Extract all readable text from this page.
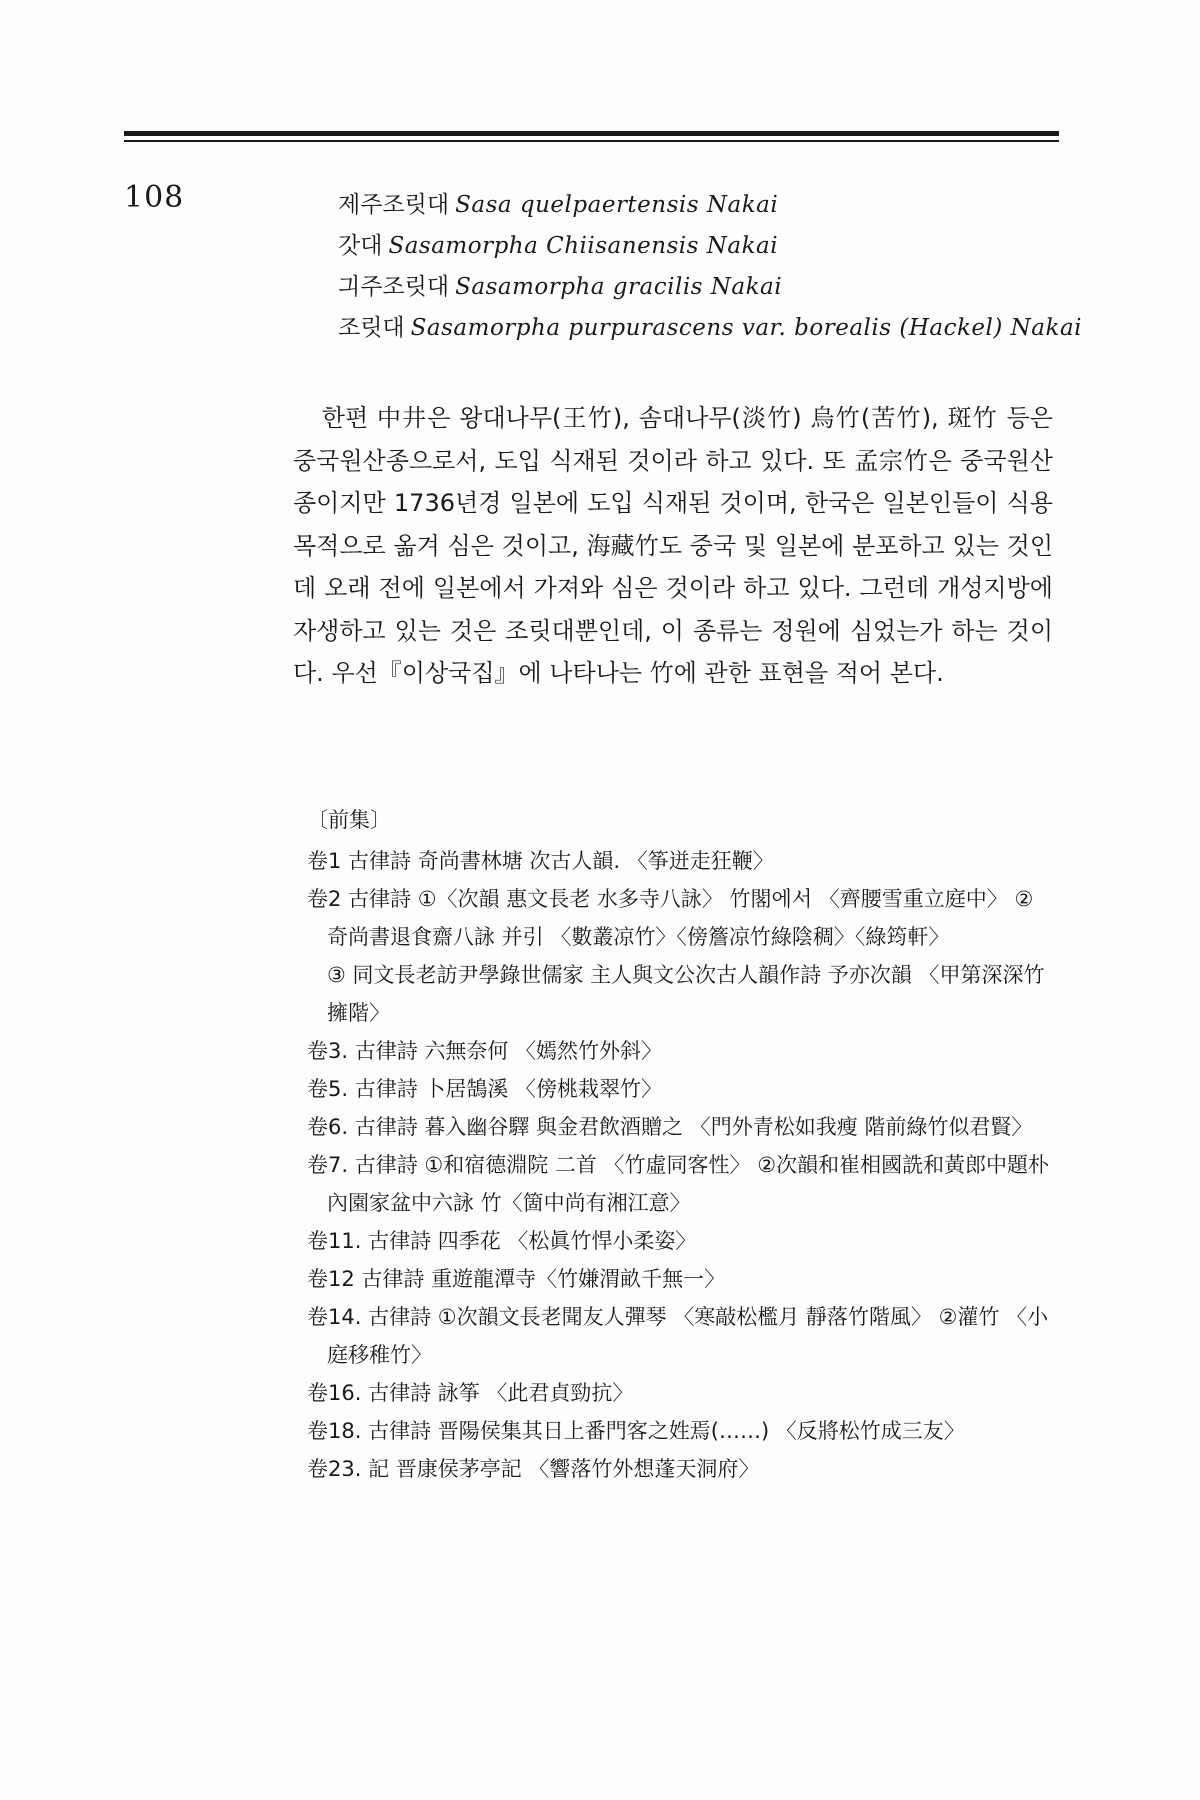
108	제주조릿대 Sasa quelpaertensis Nakai
갓대 Sasamorpha Chiisanensis Nakai
긔주조릿대 Sasamorpha gracilis Nakai
조릿대 Sasamorpha purpurascens var. borealis (Hackel) Nakai

한편 中井은 왕대나무(王竹), 솜대나무(淡竹) 烏竹(苦竹), 斑竹 등은 중국원산종으로서, 도입 식재된 것이라 하고 있다. 또 孟宗竹은 중국원산종이지만 1736년경 일본에 도입 식재된 것이며, 한국은 일본인들이 식용목적으로 옮겨 심은 것이고, 海藏竹도 중국 및 일본에 분포하고 있는 것인데 오래 전에 일본에서 가져와 심은 것이라 하고 있다. 그런데 개성지방에 자생하고 있는 것은 조릿대뿐인데, 이 종류는 정원에 심었는가 하는 것이다. 우선『이상국집』에 나타나는 竹에 관한 표현을 적어 본다.

〔前集〕
卷1 古律詩 奇尚書林塘 次古人韻. 〈筝迸走狂鞭〉
卷2 古律詩 ①〈次韻 惠文長老 水多寺八詠〉 竹閣에서 〈齊腰雪重立庭中〉 ②奇尚書退食齋八詠 并引 〈數叢凉竹〉〈傍簷凉竹綠陰稠〉〈綠筠軒〉
③ 同文長老訪尹學錄世儒家 主人與文公次古人韻作詩 予亦次韻 〈甲第深深竹擁階〉
卷3. 古律詩 六無奈何 〈嫣然竹外斜〉
卷5. 古律詩 卜居鵠溪 〈傍桃栽翠竹〉
卷6. 古律詩 暮入幽谷驛 與金君飲酒贈之 〈門外青松如我瘦 階前綠竹似君賢〉
卷7. 古律詩 ①和宿德淵院 二首 〈竹虛同客性〉 ②次韻和崔相國詵和黃郎中題朴內園家盆中六詠 竹〈箇中尚有湘江意〉
卷11. 古律詩 四季花 〈松眞竹悍小柔姿〉
卷12 古律詩 重遊龍潭寺〈竹嫌渭畝千無一〉
卷14. 古律詩 ①次韻文長老聞友人彈琴 〈寒敲松檻月 靜落竹階風〉 ②灌竹 〈小庭移稚竹〉
卷16. 古律詩 詠筝 〈此君貞勁抗〉
卷18. 古律詩 晋陽侯集其日上番門客之姓焉(……) 〈反將松竹成三友〉
卷23. 記 晋康侯茅亭記 〈響落竹外想蓬天洞府〉
